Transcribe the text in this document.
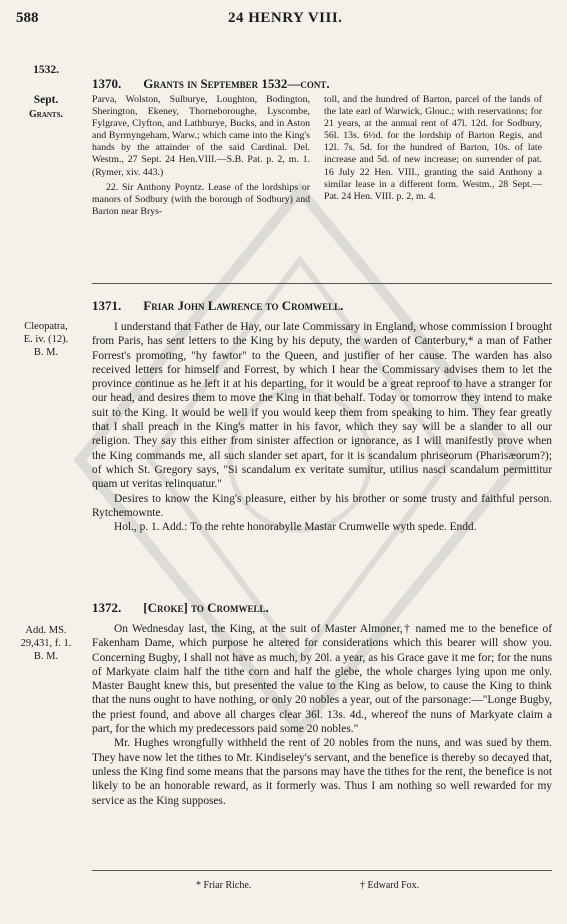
588	24 HENRY VIII.
1532.
Sept.
Grants.
1370. Grants in September 1532—cont.
Parva, Wolston, Sulburye, Loughton, Bodington, Sherington, Ekeney, Thorneboroughe, Lyscombe, Fylgrave, Clyfton, and Lathburye, Bucks, and in Aston and Byrmyngeham, Warw.; which came into the King's hands by the attainder of the said Cardinal. Del. Westm., 27 Sept. 24 Hen.VIII.—S.B. Pat. p. 2, m. 1. (Rymer, xiv. 443.)
22. Sir Anthony Poyntz. Lease of the lordships or manors of Sodbury (with the borough of Sodbury) and Barton near Brys-
toll, and the hundred of Barton, parcel of the lands of the late earl of Warwick, Glouc.; with reservations; for 21 years, at the annual rent of 47l. 12d. for Sodbury, 56l. 13s. 6½d. for the lordship of Barton Regis, and 12l. 7s. 5d. for the hundred of Barton, 10s. of late increase and 5d. of new increase; on surrender of pat. 16 July 22 Hen. VIII., granting the said Anthony a similar lease in a different form. Westm., 28 Sept.—Pat. 24 Hen. VIII. p. 2, m. 4.
1371. Friar John Lawrence to Cromwell.
Cleopatra,
E. iv. (12).
B. M.

I understand that Father de Hay, our late Commissary in England, whose commission I brought from Paris, has sent letters to the King by his deputy, the warden of Canterbury,* a man of Father Forrest's promoting, "hy fawtor" to the Queen, and justifier of her cause. The warden has also received letters for himself and Forrest, by which I hear the Commissary advises them to let the province continue as he left it at his departing, for it would be a great reproof to have a stranger for our head, and desires them to move the King in that behalf. Today or tomorrow they intend to make suit to the King. It would be well if you would keep them from speaking to him. They fear greatly that I shall preach in the King's matter in his favor, which they say will be a slander to all our religion. They say this either from sinister affection or ignorance, as I will manifestly prove when the King commands me, all such slander set apart, for it is scandalum phriseorum (Pharisæorum?); of which St. Gregory says, "Si scandalum ex veritate sumitur, utilius nasci scandalum permittitur quam ut veritas relinquatur."

Desires to know the King's pleasure, either by his brother or some trusty and faithful person. Rytchemownte.

Hol., p. 1. Add.: To the rehte honorabylle Mastar Crumwelle wyth spede. Endd.

1372. [Croke] to Cromwell.
Add. MS.
29,431, f. 1.
B. M.

On Wednesday last, the King, at the suit of Master Almoner,† named me to the benefice of Fakenham Dame, which purpose he altered for considerations which this bearer will show you. Concerning Bugby, I shall not have as much, by 20l. a year, as his Grace gave it me for; for the nuns of Markyate claim half the tithe corn and half the glebe, the whole charges lying upon me only. Master Baught knew this, but presented the value to the King as below, to cause the King to think that the nuns ought to have nothing, or only 20 nobles a year, out of the parsonage:—"Longe Bugby, the priest found, and above all charges clear 36l. 13s. 4d., whereof the nuns of Markyate claim a part, for the which my predecessors paid some 20 nobles."

Mr. Hughes wrongfully withheld the rent of 20 nobles from the nuns, and was sued by them. They have now let the tithes to Mr. Kindiseley's servant, and the benefice is thereby so decayed that, unless the King find some means that the parsons may have the tithes for the rent, the benefice is not likely to be an honorable reward, as it formerly was. Thus I am nothing so well rewarded for my service as the King supposes.

* Friar Riche.	† Edward Fox.
